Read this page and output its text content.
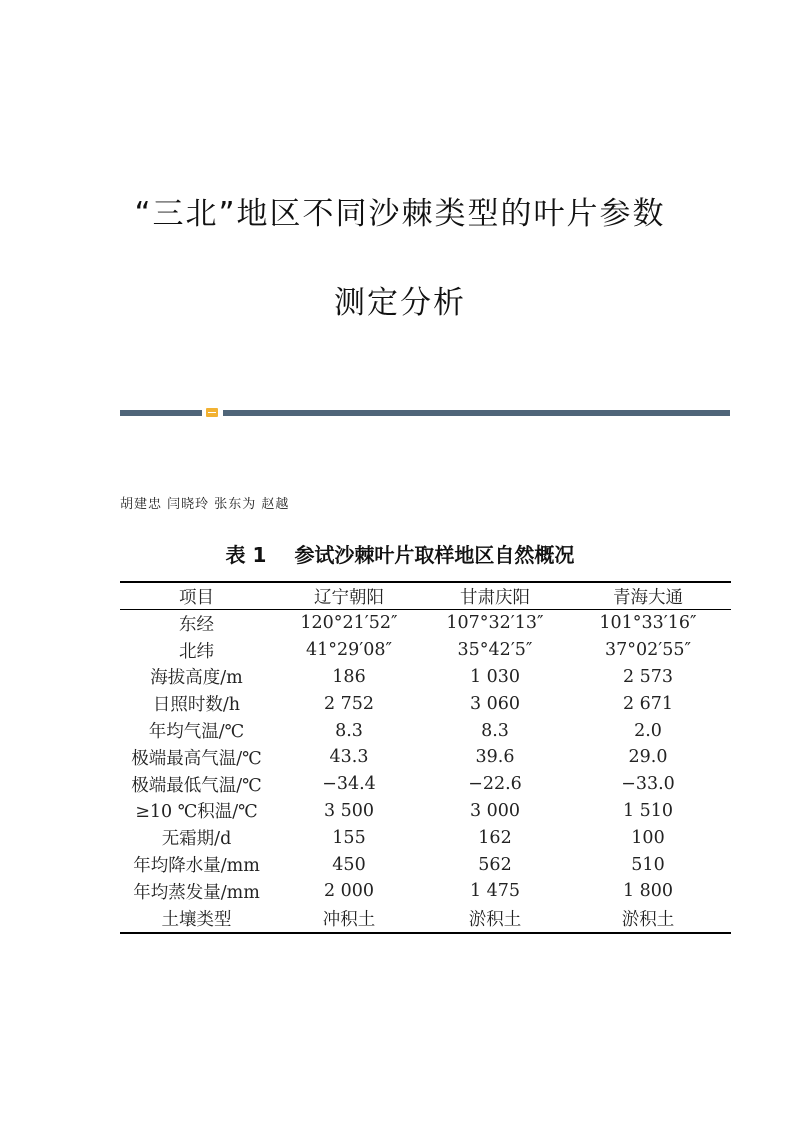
“三北”地区不同沙棘类型的叶片参数
测定分析
胡建忠 闫晓玲 张东为 赵越
表 1 参试沙棘叶片取样地区自然概况
项目	辽宁朝阳	甘肃庆阳	青海大通
东经	120°21′52″	107°32′13″	101°33′16″
北纬	41°29′08″	35°42′5″	37°02′55″
海拔高度/m	186	1 030	2 573
日照时数/h	2 752	3 060	2 671
年均气温/℃	8.3	8.3	2.0
极端最高气温/℃	43.3	39.6	29.0
极端最低气温/℃	−34.4	−22.6	−33.0
≥10 ℃积温/℃	3 500	3 000	1 510
无霜期/d	155	162	100
年均降水量/mm	450	562	510
年均蒸发量/mm	2 000	1 475	1 800
土壤类型	冲积土	淤积土	淤积土
